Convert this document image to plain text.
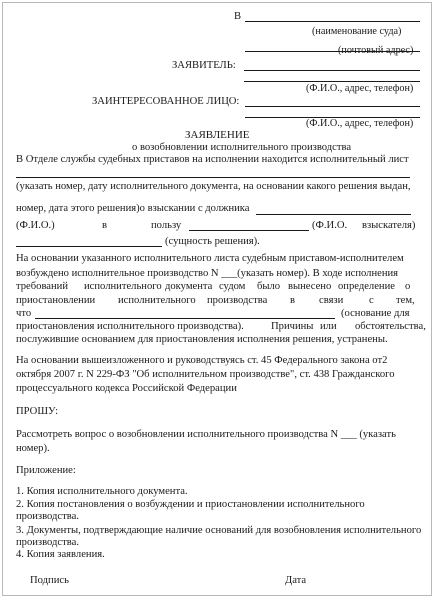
В
(наименование суда)
(почтовый адрес)
ЗАЯВИТЕЛЬ:
(Ф.И.О., адрес, телефон)
ЗАИНТЕРЕСОВАННОЕ ЛИЦО:
(Ф.И.О., адрес, телефон)
ЗАЯВЛЕНИЕ
о возобновлении исполнительного производства
В Отделе службы судебных приставов на исполнении находится исполнительный лист
(указать номер, дату исполнительного документа, на основании какого решения выдан,
номер, дата этого решения)о взыскании с должника
(Ф.И.О.)	в	пользу	(Ф.И.О. взыскателя)
(сущность решения).
На основании указанного исполнительного листа судебным приставом-исполнителем
возбуждено исполнительное производство N ___(указать номер). В ходе исполнения
требований исполнительного документа судом было вынесено определение о
приостановлении исполнительного производства в связи с тем,
что	(основание для
приостановления исполнительного производства).	Причины или обстоятельства,
послужившие основанием для приостановления исполнения решения, устранены.
На основании вышеизложенного и руководствуясь ст. 45 Федерального закона от2
октября 2007 г. N 229-ФЗ "Об исполнительном производстве", ст. 438 Гражданского
процессуального кодекса Российской Федерации
ПРОШУ:
Рассмотреть вопрос о возобновлении исполнительного производства N ___ (указать
номер).
Приложение:
1. Копия исполнительного документа.
2. Копия постановления о возбуждении и приостановлении исполнительного
производства.
3. Документы, подтверждающие наличие оснований для возобновления исполнительного
производства.
4. Копия заявления.
Подпись	Дата
